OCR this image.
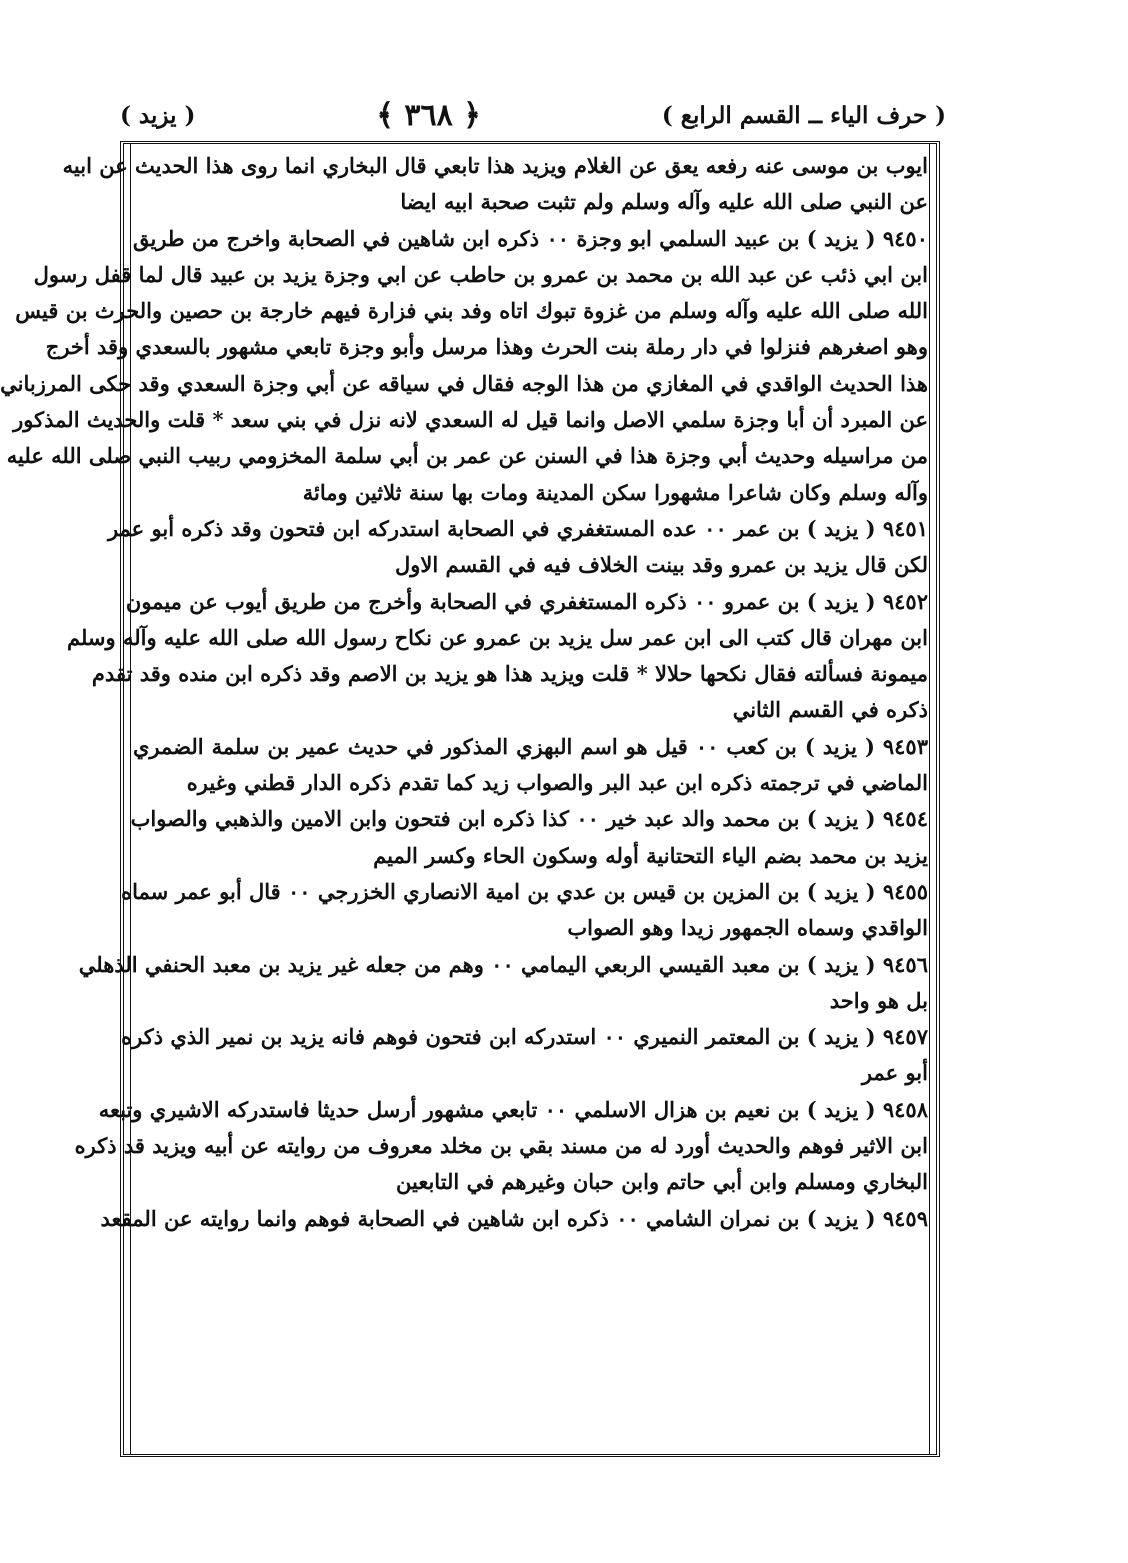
( حرف الياء ــ القسم الرابع )
﴿ ٣٦٨ ﴾
( يزيد )
ايوب بن موسى عنه رفعه يعق عن الغلام ويزيد هذا تابعي قال البخاري انما روى هذا الحديث عن ابيه
عن النبي صلى الله عليه وآله وسلم ولم تثبت صحبة ابيه ايضا
٩٤٥٠ ( يزيد ) بن عبيد السلمي ابو وجزة ٠٠ ذكره ابن شاهين في الصحابة واخرج من طريق
ابن ابي ذئب عن عبد الله بن محمد بن عمرو بن حاطب عن ابي وجزة يزيد بن عبيد قال لما قفل رسول
الله صلى الله عليه وآله وسلم من غزوة تبوك اتاه وفد بني فزارة فيهم خارجة بن حصين والحرث بن قيس
وهو اصغرهم فنزلوا في دار رملة بنت الحرث وهذا مرسل وأبو وجزة تابعي مشهور بالسعدي وقد أخرج
هذا الحديث الواقدي في المغازي من هذا الوجه فقال في سياقه عن أبي وجزة السعدي وقد حكى المرزباني
عن المبرد أن أبا وجزة سلمي الاصل وانما قيل له السعدي لانه نزل في بني سعد * قلت والحديث المذكور
من مراسيله وحديث أبي وجزة هذا في السنن عن عمر بن أبي سلمة المخزومي ربيب النبي صلى الله عليه
وآله وسلم وكان شاعرا مشهورا سكن المدينة ومات بها سنة ثلاثين ومائة
٩٤٥١ ( يزيد ) بن عمر ٠٠ عده المستغفري في الصحابة استدركه ابن فتحون وقد ذكره أبو عمر
لكن قال يزيد بن عمرو وقد بينت الخلاف فيه في القسم الاول
٩٤٥٢ ( يزيد ) بن عمرو ٠٠ ذكره المستغفري في الصحابة وأخرج من طريق أيوب عن ميمون
ابن مهران قال كتب الى ابن عمر سل يزيد بن عمرو عن نكاح رسول الله صلى الله عليه وآله وسلم
ميمونة فسألته فقال نكحها حلالا * قلت ويزيد هذا هو يزيد بن الاصم وقد ذكره ابن منده وقد تقدم
ذكره في القسم الثاني
٩٤٥٣ ( يزيد ) بن كعب ٠٠ قيل هو اسم البهزي المذكور في حديث عمير بن سلمة الضمري
الماضي في ترجمته ذكره ابن عبد البر والصواب زيد كما تقدم ذكره الدار قطني وغيره
٩٤٥٤ ( يزيد ) بن محمد والد عبد خير ٠٠ كذا ذكره ابن فتحون وابن الامين والذهبي والصواب
يزيد بن محمد بضم الياء التحتانية أوله وسكون الحاء وكسر الميم
٩٤٥٥ ( يزيد ) بن المزين بن قيس بن عدي بن امية الانصاري الخزرجي ٠٠ قال أبو عمر سماه
الواقدي وسماه الجمهور زيدا وهو الصواب
٩٤٥٦ ( يزيد ) بن معبد القيسي الربعي اليمامي ٠٠ وهم من جعله غير يزيد بن معبد الحنفي الذهلي
بل هو واحد
٩٤٥٧ ( يزيد ) بن المعتمر النميري ٠٠ استدركه ابن فتحون فوهم فانه يزيد بن نمير الذي ذكره
أبو عمر
٩٤٥٨ ( يزيد ) بن نعيم بن هزال الاسلمي ٠٠ تابعي مشهور أرسل حديثا فاستدركه الاشيري وتبعه
ابن الاثير فوهم والحديث أورد له من مسند بقي بن مخلد معروف من روايته عن أبيه ويزيد قد ذكره
البخاري ومسلم وابن أبي حاتم وابن حبان وغيرهم في التابعين
٩٤٥٩ ( يزيد ) بن نمران الشامي ٠٠ ذكره ابن شاهين في الصحابة فوهم وانما روايته عن المقعد
